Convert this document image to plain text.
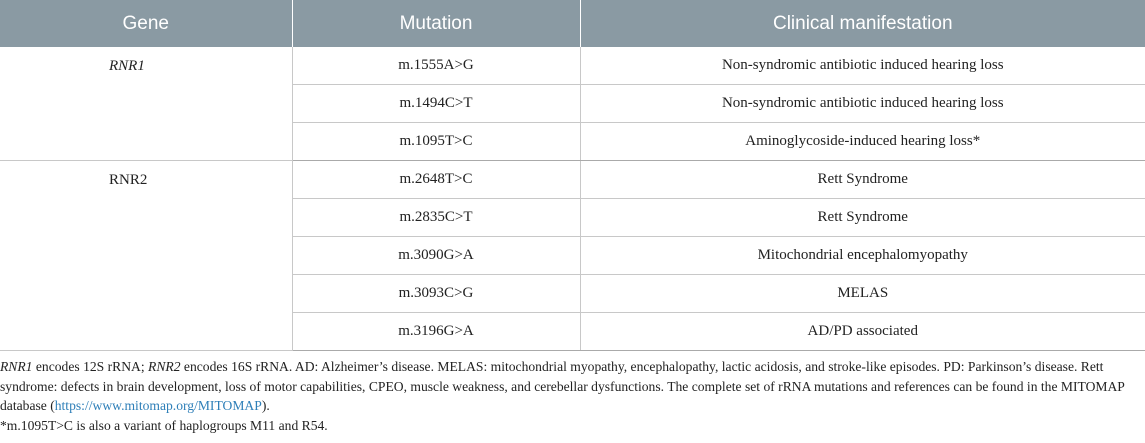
Gene	Mutation	Clinical manifestation
RNR1	m.1555A>G	Non-syndromic antibiotic induced hearing loss
	m.1494C>T	Non-syndromic antibiotic induced hearing loss
	m.1095T>C	Aminoglycoside-induced hearing loss*
RNR2	m.2648T>C	Rett Syndrome
	m.2835C>T	Rett Syndrome
	m.3090G>A	Mitochondrial encephalomyopathy
	m.3093C>G	MELAS
	m.3196G>A	AD/PD associated

RNR1 encodes 12S rRNA; RNR2 encodes 16S rRNA. AD: Alzheimer’s disease. MELAS: mitochondrial myopathy, encephalopathy, lactic acidosis, and stroke-like episodes. PD: Parkinson’s disease. Rett syndrome: defects in brain development, loss of motor capabilities, CPEO, muscle weakness, and cerebellar dysfunctions. The complete set of rRNA mutations and references can be found in the MITOMAP database (https://www.mitomap.org/MITOMAP).

*m.1095T>C is also a variant of haplogroups M11 and R54.
